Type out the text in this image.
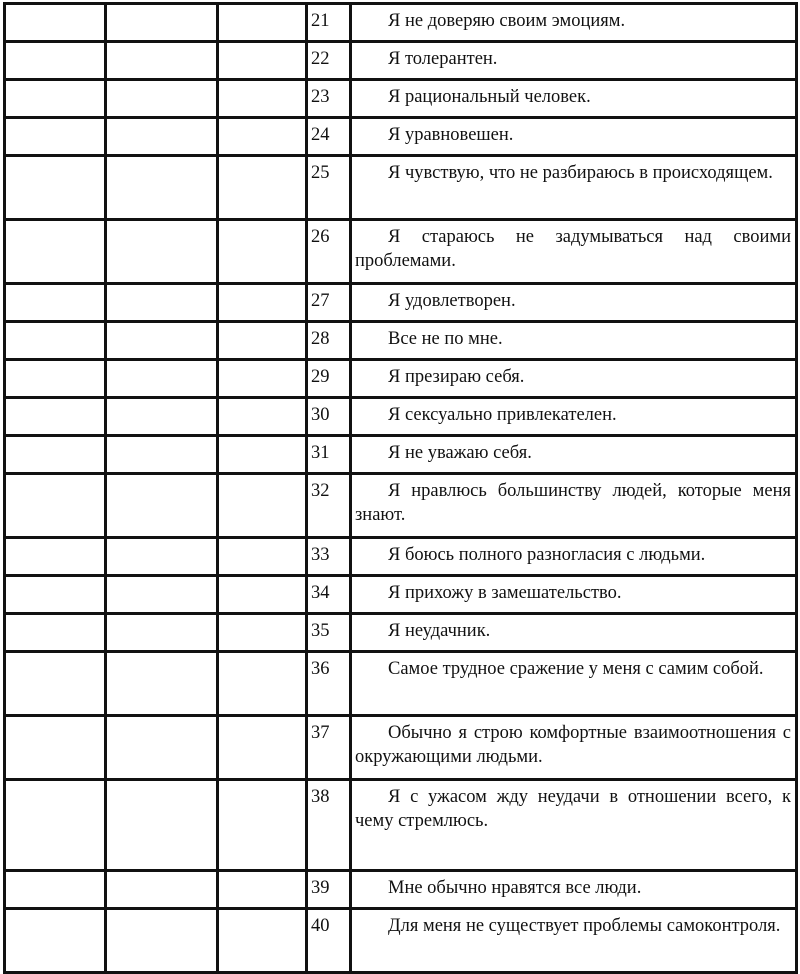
			21	Я не доверяю своим эмоциям.

			22	Я толерантен.

			23	Я рациональный человек.

			24	Я уравновешен.

			25	Я чувствую, что не разбираюсь в происходящем.

			26	Я стараюсь не задумываться над своими проблемами.

			27	Я удовлетворен.

			28	Все не по мне.

			29	Я презираю себя.

			30	Я сексуально привлекателен.

			31	Я не уважаю себя.

			32	Я нравлюсь большинству людей, которые меня знают.

			33	Я боюсь полного разногласия с людьми.

			34	Я прихожу в замешательство.

			35	Я неудачник.

			36	Самое трудное сражение у меня с самим собой.

			37	Обычно я строю комфортные взаимоотношения с окружающими людьми.

			38	Я с ужасом жду неудачи в отношении всего, к чему стремлюсь.

			39	Мне обычно нравятся все люди.

			40	Для меня не существует проблемы самоконтроля.
